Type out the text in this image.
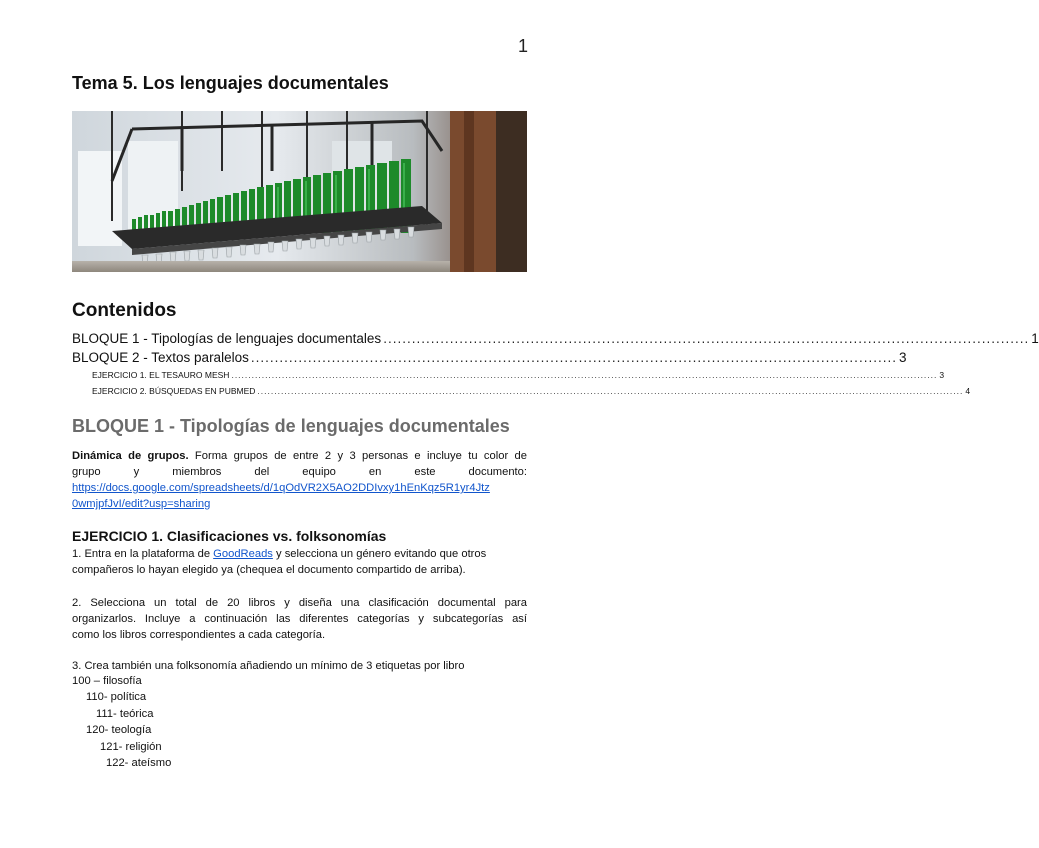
1
Tema 5. Los lenguajes documentales
Contenidos
BLOQUE 1 - Tipologías de lenguajes documentales ........................................................................................................................................ 1
BLOQUE 2 - Textos paralelos ........................................................................................................................................ 3
EJERCICIO 1. EL TESAURO MESH .................................................................................................................................................................................................................. 3
EJERCICIO 2. BÚSQUEDAS EN PUBMED .................................................................................................................................................................................................................. 4
BLOQUE 1 - Tipologías de lenguajes documentales
Dinámica de grupos. Forma grupos de entre 2 y 3 personas e incluye tu color de
grupo y miembros del equipo en este documento:
https://docs.google.com/spreadsheets/d/1qOdVR2X5AO2DDIvxy1hEnKqz5R1yr4Jtz
0wmjpfJvI/edit?usp=sharing
EJERCICIO 1. Clasificaciones vs. folksonomías
1. Entra en la plataforma de GoodReads y selecciona un género evitando que otros
compañeros lo hayan elegido ya (chequea el documento compartido de arriba).
2. Selecciona un total de 20 libros y diseña una clasificación documental para
organizarlos. Incluye a continuación las diferentes categorías y subcategorías así
como los libros correspondientes a cada categoría.
3. Crea también una folksonomía añadiendo un mínimo de 3 etiquetas por libro
100 – filosofía
110- política
111- teórica
120- teología
121- religión
122- ateísmo
